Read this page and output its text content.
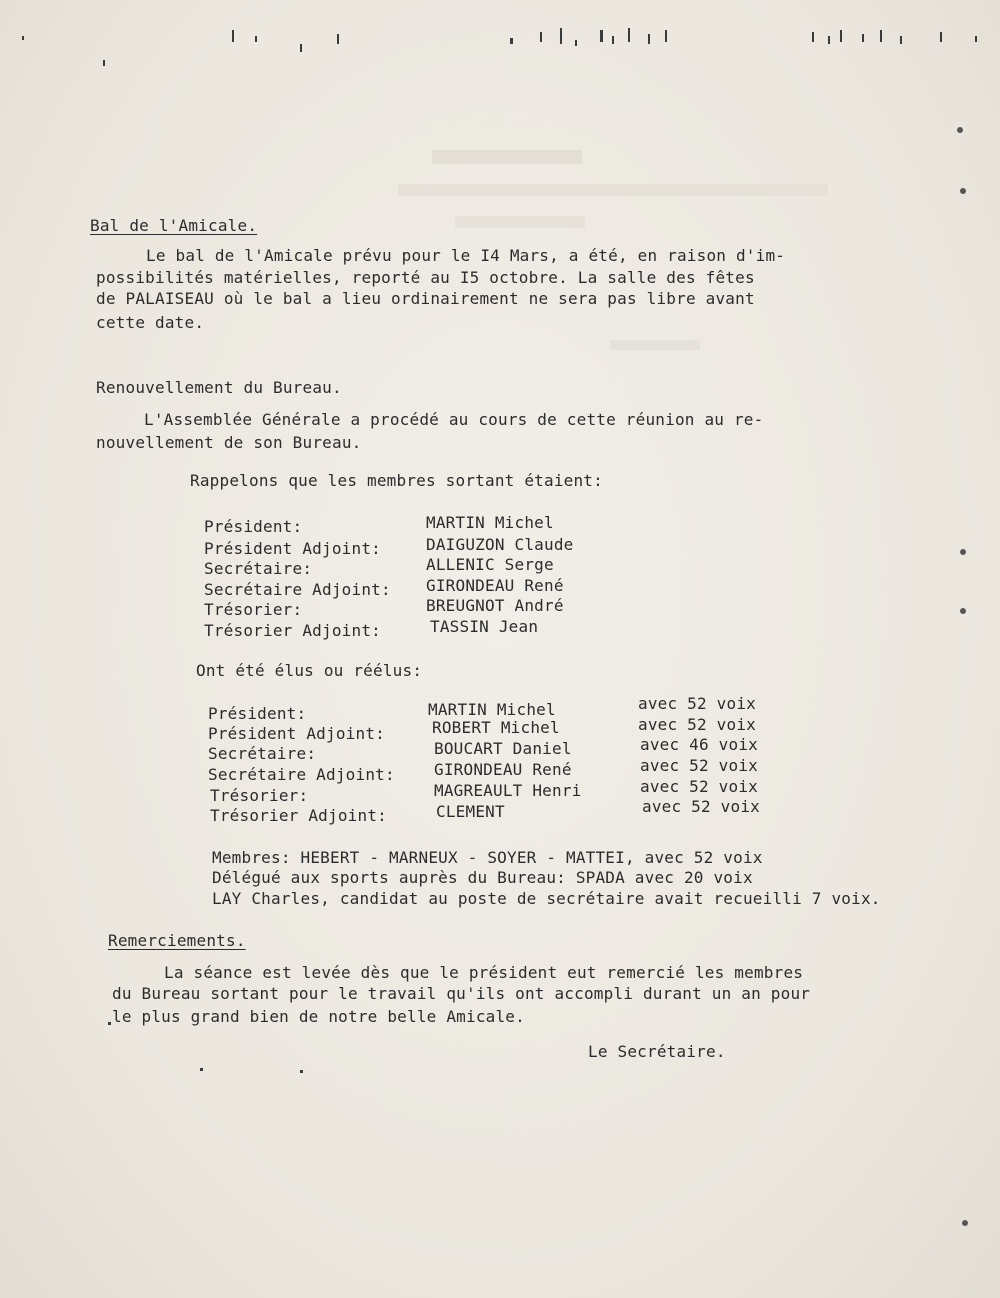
Bal de l'Amicale.
Le bal de l'Amicale prévu pour le I4 Mars, a été, en raison d'im-
possibilités matérielles, reporté au I5 octobre. La salle des fêtes
de PALAISEAU où le bal a lieu ordinairement ne sera pas libre avant
cette date.
Renouvellement du Bureau.
L'Assemblée Générale a procédé au cours de cette réunion au re-
nouvellement de son Bureau.
Rappelons que les membres sortant étaient:
Président:	MARTIN Michel
Président Adjoint:	DAIGUZON Claude
Secrétaire:	ALLENIC Serge
Secrétaire Adjoint: GIRONDEAU René
Trésorier:	BREUGNOT André
Trésorier Adjoint:	TASSIN Jean
Ont été élus ou réélus:
Président:	MARTIN Michel	avec 52 voix
Président Adjoint:	ROBERT Michel	avec 52 voix
Secrétaire:	BOUCART Daniel	avec 46 voix
Secrétaire Adjoint: GIRONDEAU René	avec 52 voix
Trésorier:	MAGREAULT Henri	avec 52 voix
Trésorier Adjoint:	CLEMENT	avec 52 voix
Membres: HEBERT - MARNEUX - SOYER - MATTEI, avec 52 voix
Délégué aux sports auprès du Bureau: SPADA avec 20 voix
LAY Charles, candidat au poste de secrétaire avait recueilli 7 voix.
Remerciements.
La séance est levée dès que le président eut remercié les membres
du Bureau sortant pour le travail qu'ils ont accompli durant un an pour
le plus grand bien de notre belle Amicale.
Le Secrétaire.
